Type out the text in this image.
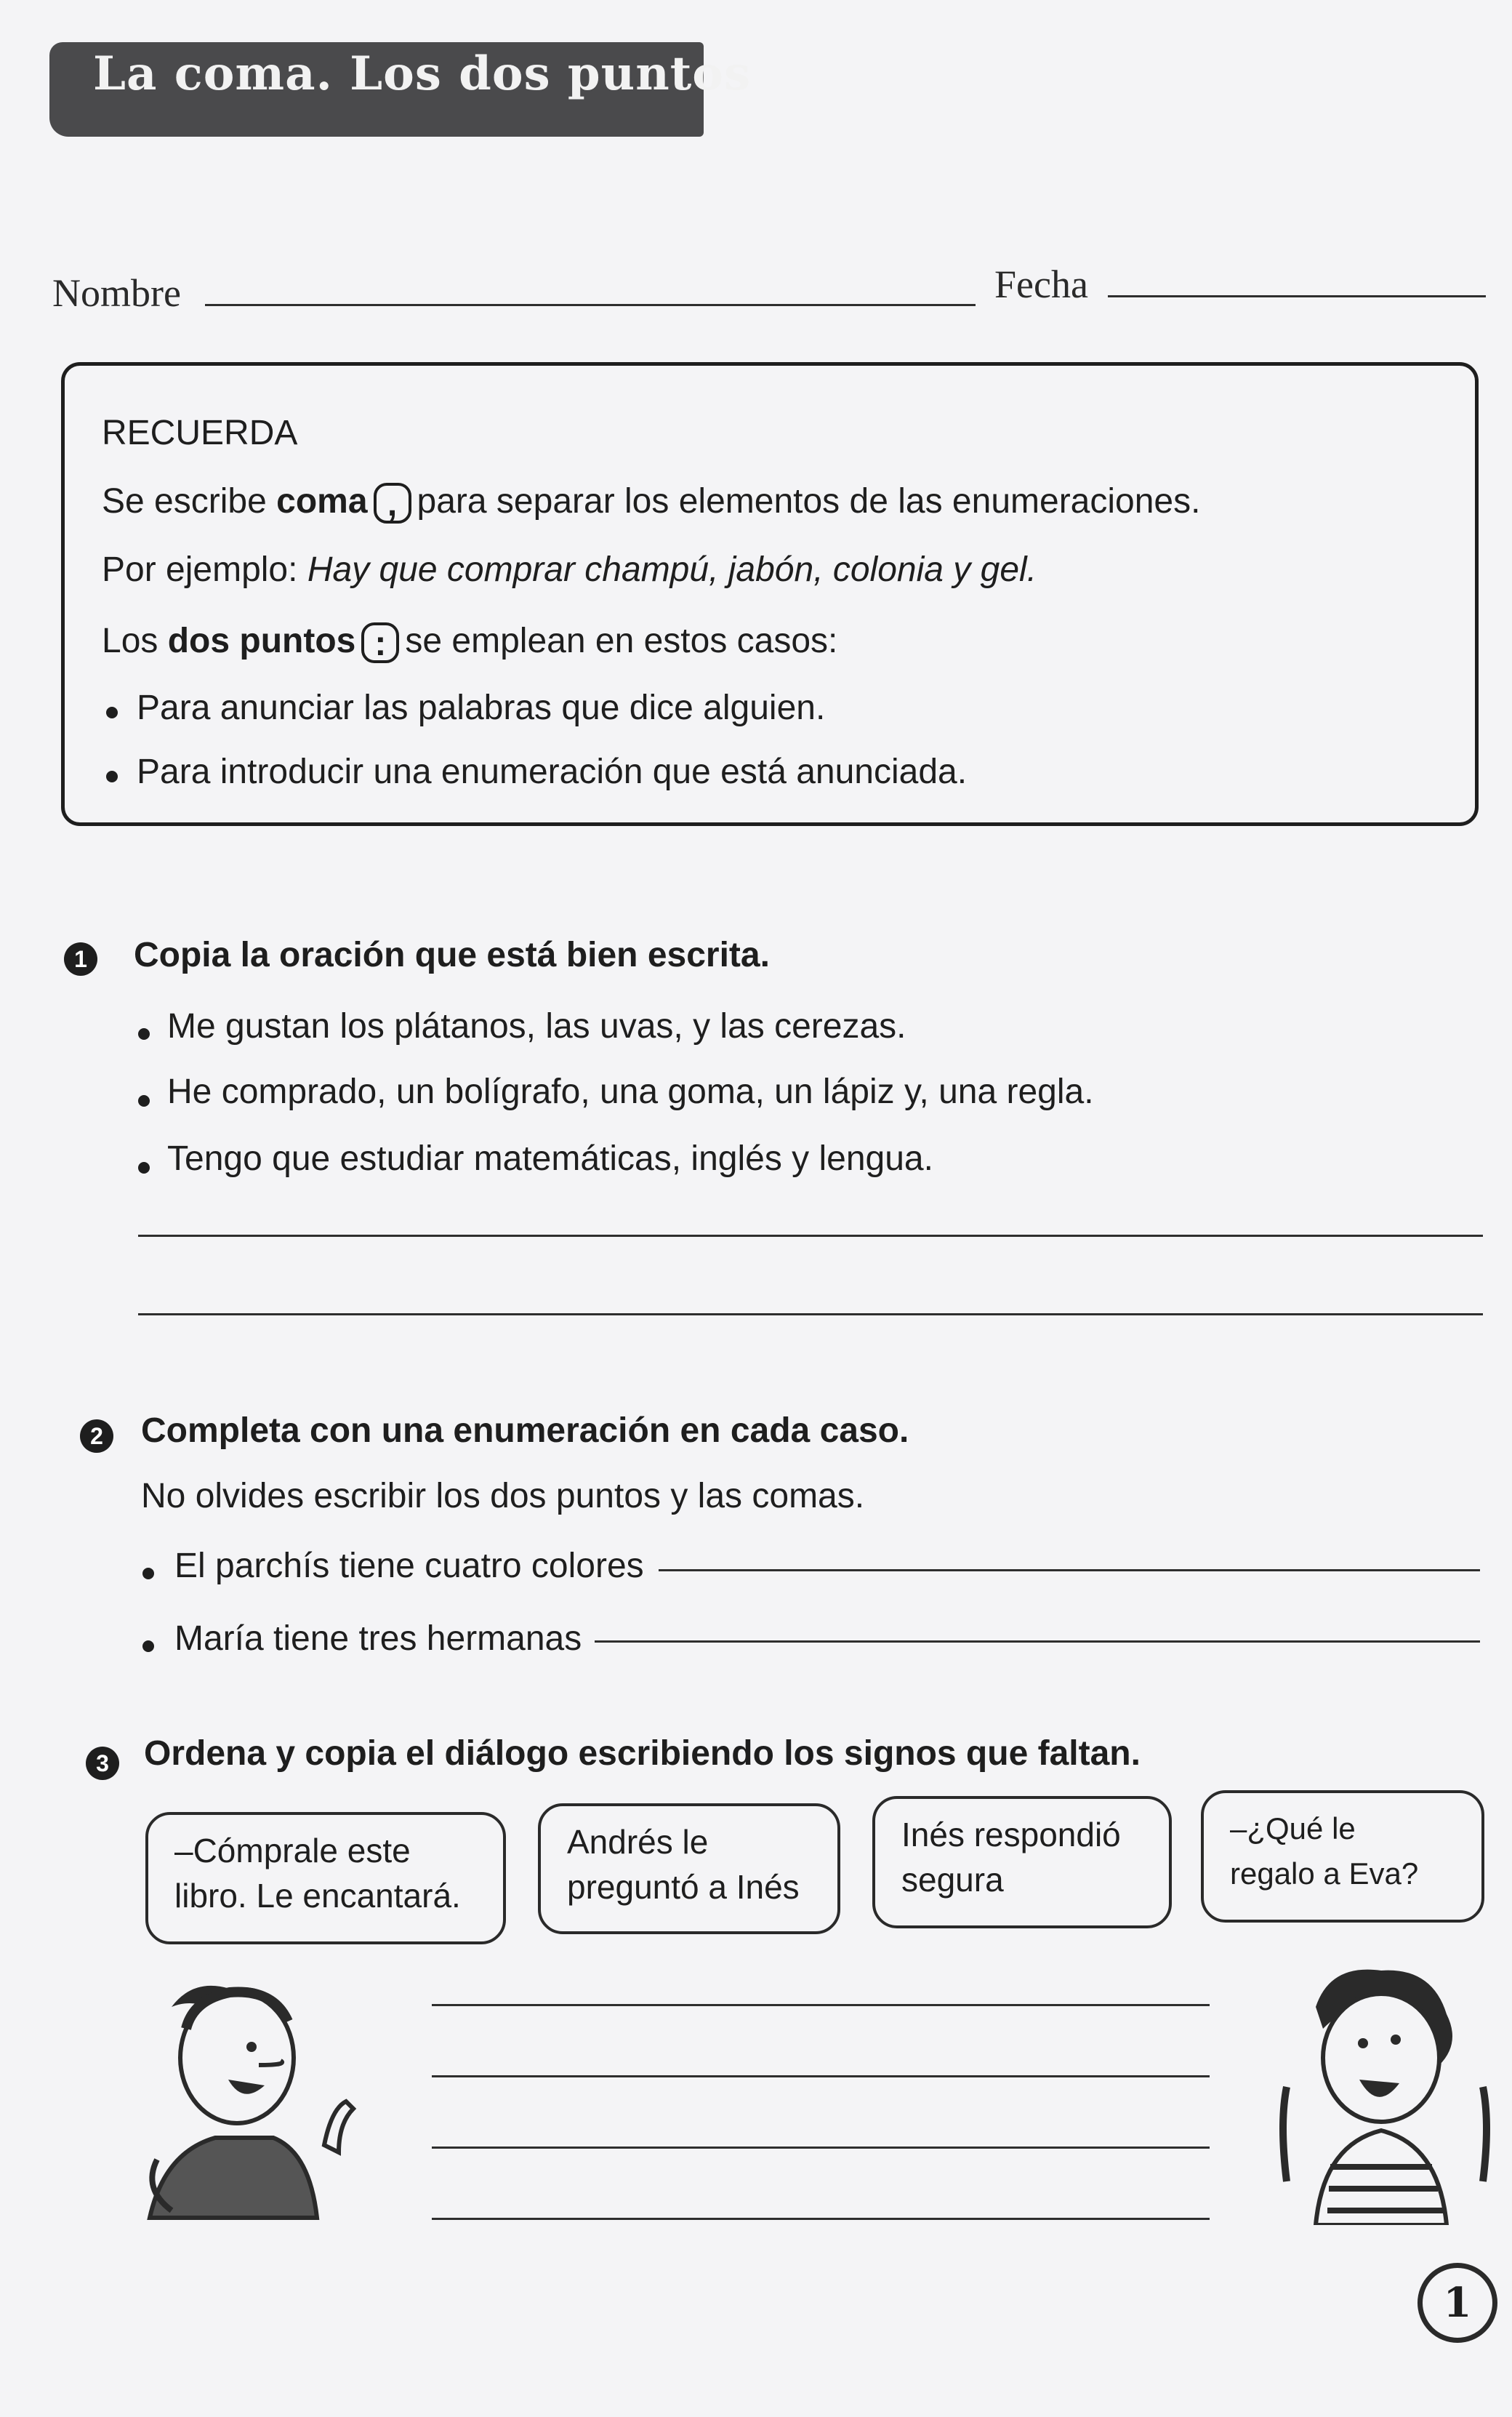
La coma. Los dos puntos
Nombre	Fecha
RECUERDA
Se escribe coma , para separar los elementos de las enumeraciones.
Por ejemplo: Hay que comprar champú, jabón, colonia y gel.
Los dos puntos : se emplean en estos casos:
Para anunciar las palabras que dice alguien.
Para introducir una enumeración que está anunciada.
1 Copia la oración que está bien escrita.
Me gustan los plátanos, las uvas, y las cerezas.
He comprado, un bolígrafo, una goma, un lápiz y, una regla.
Tengo que estudiar matemáticas, inglés y lengua.
2 Completa con una enumeración en cada caso.
No olvides escribir los dos puntos y las comas.
El parchís tiene cuatro colores
María tiene tres hermanas
3 Ordena y copia el diálogo escribiendo los signos que faltan.
–Cómprale este
libro. Le encantará.
Andrés le
preguntó a Inés
Inés respondió
segura
–¿Qué le
regalo a Eva?
1
